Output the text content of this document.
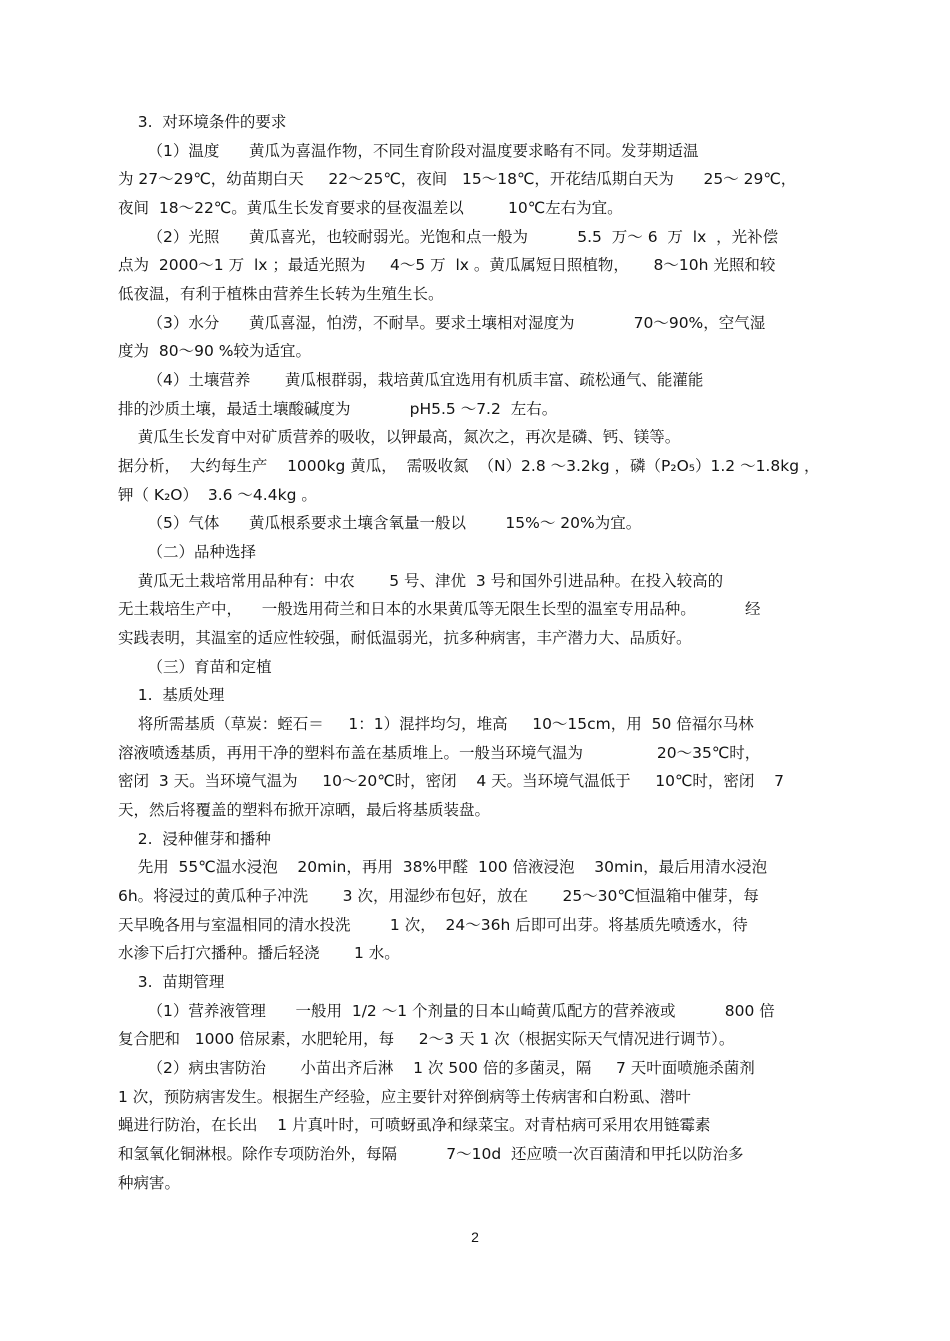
3.  对环境条件的要求

（1）温度      黄瓜为喜温作物，不同生育阶段对温度要求略有不同。发芽期适温

为 27～29℃，幼苗期白天     22～25℃，夜间   15～18℃，开花结瓜期白天为      25～ 29℃，

夜间  18～22℃。黄瓜生长发育要求的昼夜温差以         10℃左右为宜。

（2）光照      黄瓜喜光，也较耐弱光。光饱和点一般为          5.5  万～ 6  万  lx  ，光补偿

点为  2000～1 万  lx ；最适光照为     4～5 万  lx 。黄瓜属短日照植物，     8～10h 光照和较

低夜温，有利于植株由营养生长转为生殖生长。

（3）水分      黄瓜喜湿，怕涝，不耐旱。要求土壤相对湿度为            70～90%，空气湿

度为  80～90 %较为适宜。

（4）土壤营养       黄瓜根群弱，栽培黄瓜宜选用有机质丰富、疏松通气、能灌能

排的沙质土壤，最适土壤酸碱度为            pH5.5 ～7.2  左右。

黄瓜生长发育中对矿质营养的吸收，以钾最高，氮次之，再次是磷、钙、镁等。

据分析，  大约每生产    1000kg 黄瓜，  需吸收氮  （N）2.8 ～3.2kg ，磷（P₂O₅）1.2 ～1.8kg ，

钾（ K₂O）  3.6 ～4.4kg 。

（5）气体      黄瓜根系要求土壤含氧量一般以        15%～ 20%为宜。

（二）品种选择

黄瓜无土栽培常用品种有：中农       5 号、津优  3 号和国外引进品种。在投入较高的

无土栽培生产中，    一般选用荷兰和日本的水果黄瓜等无限生长型的温室专用品种。          经

实践表明，其温室的适应性较强，耐低温弱光，抗多种病害，丰产潜力大、品质好。

（三）育苗和定植

1.  基质处理

将所需基质（草炭：蛭石＝     1：1）混拌均匀，堆高     10～15cm，用  50 倍福尔马林

溶液喷透基质，再用干净的塑料布盖在基质堆上。一般当环境气温为               20～35℃时，

密闭  3 天。当环境气温为     10～20℃时，密闭    4 天。当环境气温低于     10℃时，密闭    7

天，然后将覆盖的塑料布掀开凉晒，最后将基质装盘。

2.  浸种催芽和播种

先用  55℃温水浸泡    20min，再用  38%甲醛  100 倍液浸泡    30min，最后用清水浸泡

6h。将浸过的黄瓜种子冲洗       3 次，用湿纱布包好，放在       25～30℃恒温箱中催芽，每

天早晚各用与室温相同的清水投洗        1 次，  24～36h 后即可出芽。将基质先喷透水，待

水渗下后打穴播种。播后轻浇       1 水。

3.  苗期管理

（1）营养液管理      一般用  1/2 ～1 个剂量的日本山崎黄瓜配方的营养液或          800 倍

复合肥和   1000 倍尿素，水肥轮用，每     2～3 天 1 次（根据实际天气情况进行调节）。

（2）病虫害防治       小苗出齐后淋    1 次 500 倍的多菌灵，隔     7 天叶面喷施杀菌剂

1 次，预防病害发生。根据生产经验，应主要针对猝倒病等土传病害和白粉虱、潜叶

蝇进行防治，在长出    1 片真叶时，可喷蚜虱净和绿菜宝。对青枯病可采用农用链霉素

和氢氧化铜淋根。除作专项防治外，每隔          7～10d  还应喷一次百菌清和甲托以防治多

种病害。

2
